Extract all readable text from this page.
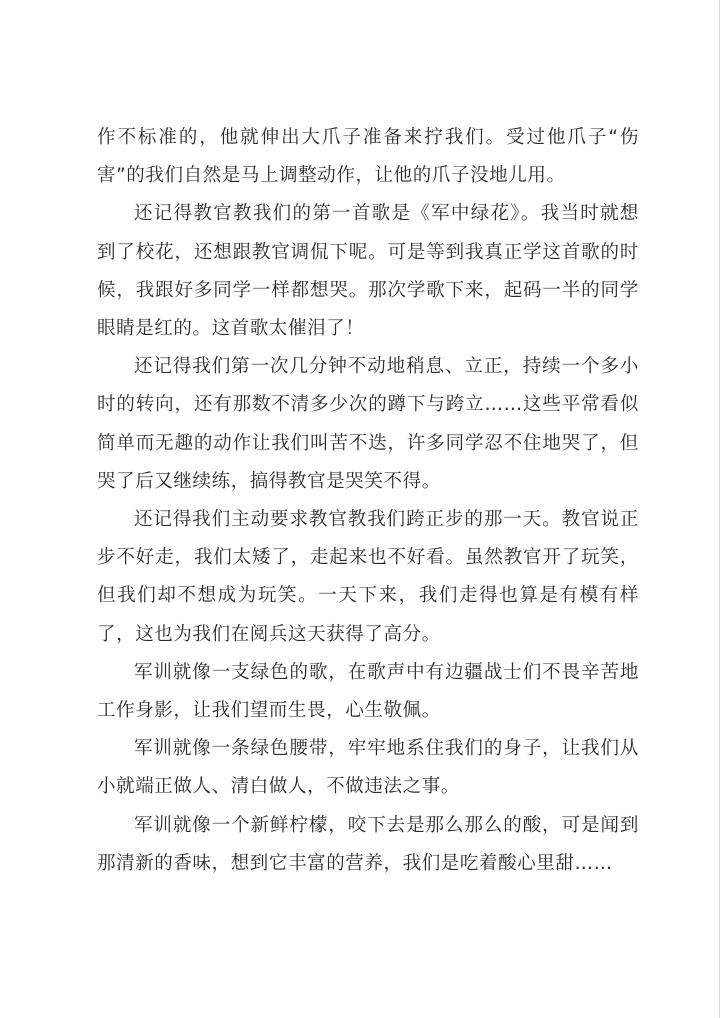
作不标准的，他就伸出大爪子准备来拧我们。受过他爪子“伤害”的我们自然是马上调整动作，让他的爪子没地儿用。

还记得教官教我们的第一首歌是《军中绿花》。我当时就想到了校花，还想跟教官调侃下呢。可是等到我真正学这首歌的时候，我跟好多同学一样都想哭。那次学歌下来，起码一半的同学眼睛是红的。这首歌太催泪了！

还记得我们第一次几分钟不动地稍息、立正，持续一个多小时的转向，还有那数不清多少次的蹲下与跨立……这些平常看似简单而无趣的动作让我们叫苦不迭，许多同学忍不住地哭了，但哭了后又继续练，搞得教官是哭笑不得。

还记得我们主动要求教官教我们跨正步的那一天。教官说正步不好走，我们太矮了，走起来也不好看。虽然教官开了玩笑，但我们却不想成为玩笑。一天下来，我们走得也算是有模有样了，这也为我们在阅兵这天获得了高分。

军训就像一支绿色的歌，在歌声中有边疆战士们不畏辛苦地工作身影，让我们望而生畏，心生敬佩。

军训就像一条绿色腰带，牢牢地系住我们的身子，让我们从小就端正做人、清白做人，不做违法之事。

军训就像一个新鲜柠檬，咬下去是那么那么的酸，可是闻到那清新的香味，想到它丰富的营养，我们是吃着酸心里甜……
